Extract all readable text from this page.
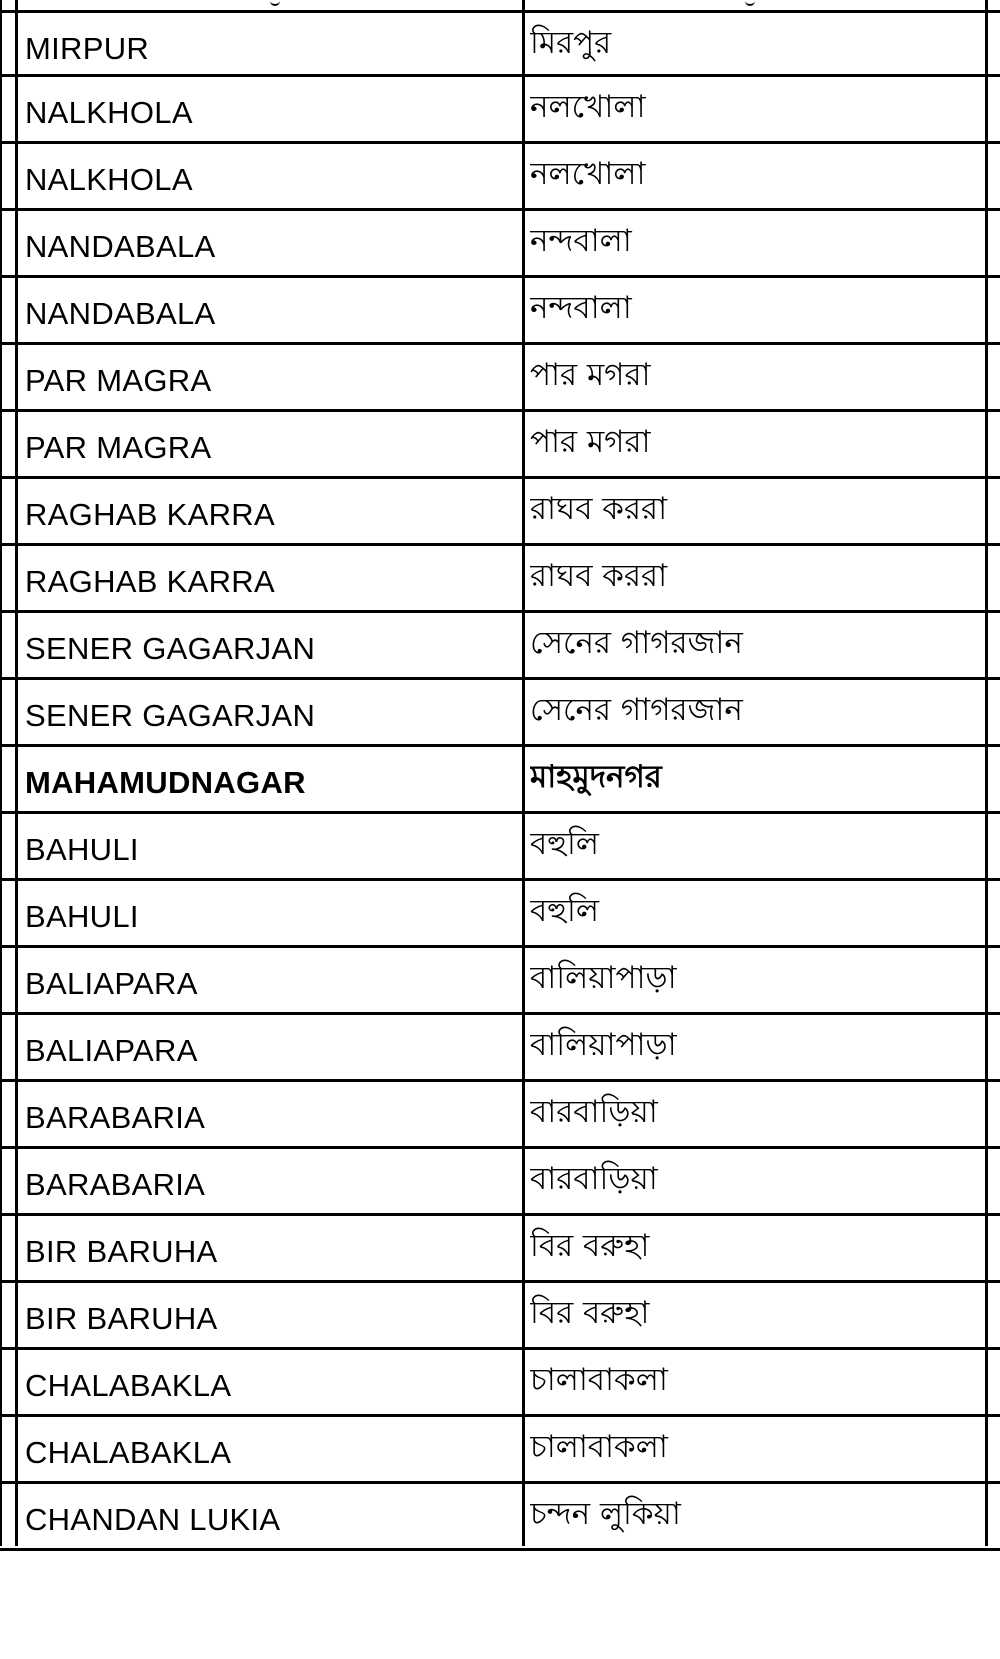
MIRPUR	মিরপুর
NALKHOLA	নলখোলা
NALKHOLA	নলখোলা
NANDABALA	নন্দবালা
NANDABALA	নন্দবালা
PAR MAGRA	পার মগরা
PAR MAGRA	পার মগরা
RAGHAB KARRA	রাঘব কররা
RAGHAB KARRA	রাঘব কররা
SENER GAGARJAN	সেনের গাগরজান
SENER GAGARJAN	সেনের গাগরজান
MAHAMUDNAGAR	মাহমুদনগর
BAHULI	বহুলি
BAHULI	বহুলি
BALIAPARA	বালিয়াপাড়া
BALIAPARA	বালিয়াপাড়া
BARABARIA	বারবাড়িয়া
BARABARIA	বারবাড়িয়া
BIR BARUHA	বির বরুহা
BIR BARUHA	বির বরুহা
CHALABAKLA	চালাবাকলা
CHALABAKLA	চালাবাকলা
CHANDAN LUKIA	চন্দন লুকিয়া
